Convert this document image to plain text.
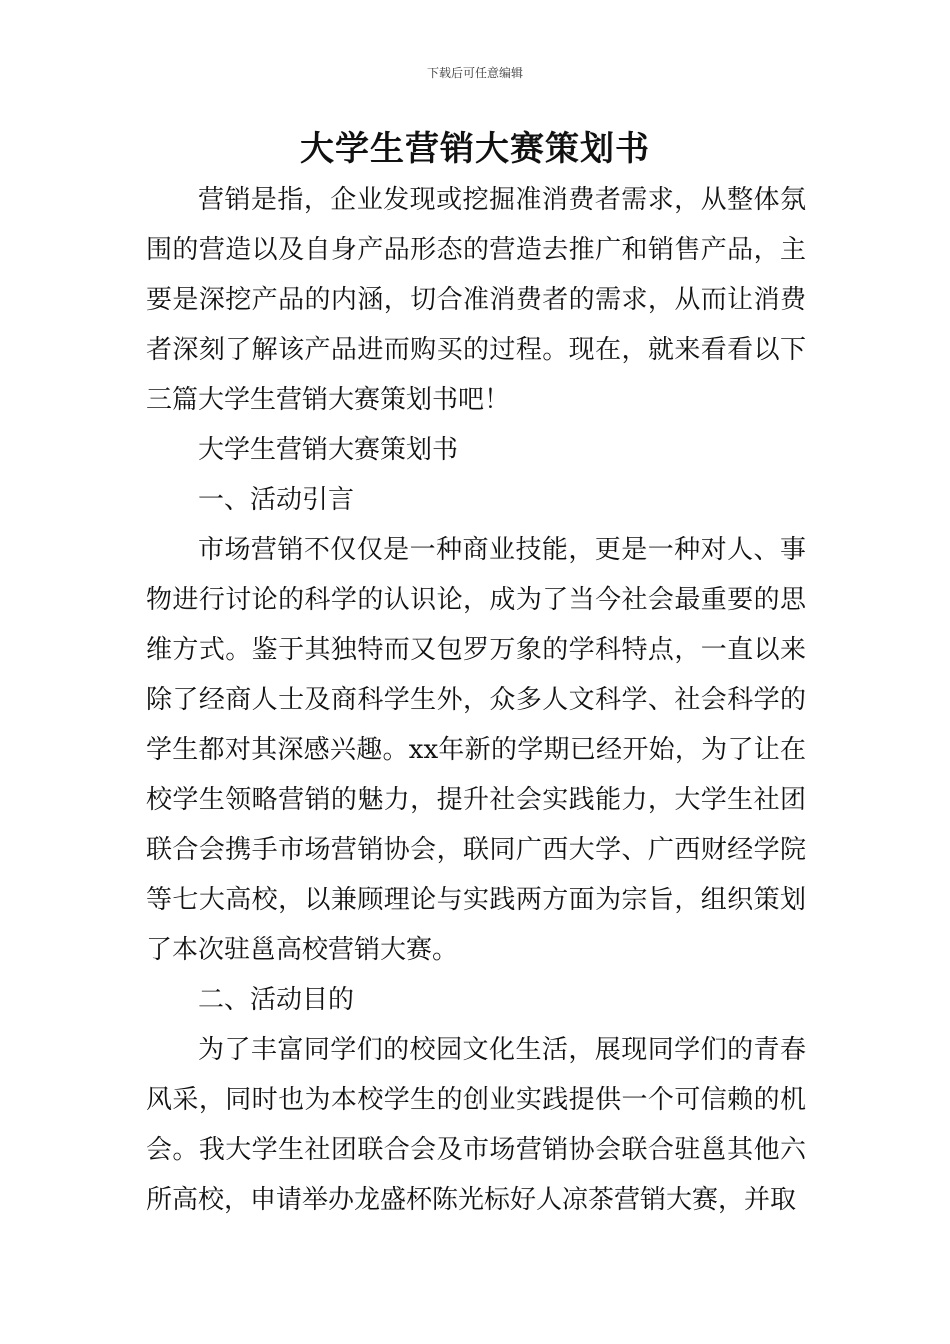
下载后可任意编辑
大学生营销大赛策划书

营销是指，企业发现或挖掘准消费者需求，从整体氛围的营造以及自身产品形态的营造去推广和销售产品，主要是深挖产品的内涵，切合准消费者的需求，从而让消费者深刻了解该产品进而购买的过程。现在，就来看看以下三篇大学生营销大赛策划书吧！

大学生营销大赛策划书

一、活动引言

市场营销不仅仅是一种商业技能，更是一种对人、事物进行讨论的科学的认识论，成为了当今社会最重要的思维方式。鉴于其独特而又包罗万象的学科特点，一直以来除了经商人士及商科学生外，众多人文科学、社会科学的学生都对其深感兴趣。xx年新的学期已经开始，为了让在校学生领略营销的魅力，提升社会实践能力，大学生社团联合会携手市场营销协会，联同广西大学、广西财经学院等七大高校，以兼顾理论与实践两方面为宗旨，组织策划了本次驻邕高校营销大赛。

二、活动目的

为了丰富同学们的校园文化生活，展现同学们的青春风采，同时也为本校学生的创业实践提供一个可信赖的机会。我大学生社团联合会及市场营销协会联合驻邕其他六所高校，申请举办龙盛杯陈光标好人凉茶营销大赛，并取
